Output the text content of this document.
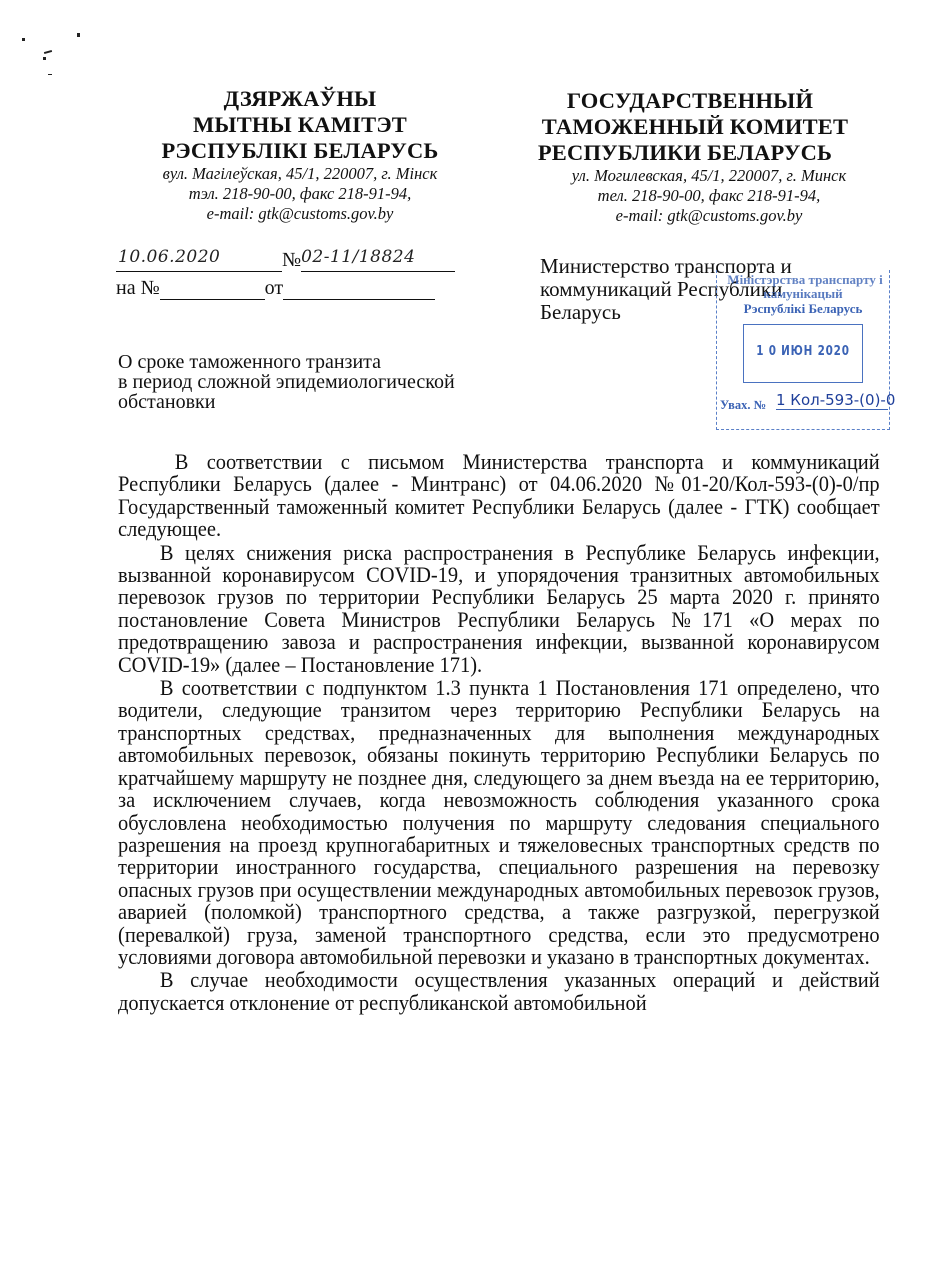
ДЗЯРЖАЎНЫ
МЫТНЫ КАМІТЭТ
РЭСПУБЛІКІ БЕЛАРУСЬ
вул. Магілеўская, 45/1, 220007, г. Мінск
тэл. 218-90-00, факс 218-91-94,
e-mail: gtk@customs.gov.by
ГОСУДАРСТВЕННЫЙ
ТАМОЖЕННЫЙ КОМИТЕТ
РЕСПУБЛИКИ БЕЛАРУСЬ
ул. Могилевская, 45/1, 220007, г. Минск
тел. 218-90-00, факс 218-91-94,
e-mail: gtk@customs.gov.by
10.06.2020	№ 02-11/18824
на №	от
Министерство транспорта и
коммуникаций Республики
Беларусь
Міністэрства транспарту і
камунікацый
Рэспублікі Беларусь
1 0 ИЮН 2020
Увах. № 1 Кол-593-(0)-0
О сроке таможенного транзита
в период сложной эпидемиологической
обстановки

В соответствии с письмом Министерства транспорта и коммуникаций Республики Беларусь (далее - Минтранс) от 04.06.2020 №01-20/Кол-593-(0)-0/пр Государственный таможенный комитет Республики Беларусь (далее - ГТК) сообщает следующее.

В целях снижения риска распространения в Республике Беларусь инфекции, вызванной коронавирусом COVID-19, и упорядочения транзитных автомобильных перевозок грузов по территории Республики Беларусь 25 марта 2020 г. принято постановление Совета Министров Республики Беларусь №171 «О мерах по предотвращению завоза и распространения инфекции, вызванной коронавирусом COVID-19» (далее – Постановление 171).

В соответствии с подпунктом 1.3 пункта 1 Постановления 171 определено, что водители, следующие транзитом через территорию Республики Беларусь на транспортных средствах, предназначенных для выполнения международных автомобильных перевозок, обязаны покинуть территорию Республики Беларусь по кратчайшему маршруту не позднее дня, следующего за днем въезда на ее территорию, за исключением случаев, когда невозможность соблюдения указанного срока обусловлена необходимостью получения по маршруту следования специального разрешения на проезд крупногабаритных и тяжеловесных транспортных средств по территории иностранного государства, специального разрешения на перевозку опасных грузов при осуществлении международных автомобильных перевозок грузов, аварией (поломкой) транспортного средства, а также разгрузкой, перегрузкой (перевалкой) груза, заменой транспортного средства, если это предусмотрено условиями договора автомобильной перевозки и указано в транспортных документах.

В случае необходимости осуществления указанных операций и действий допускается отклонение от республиканской автомобильной
